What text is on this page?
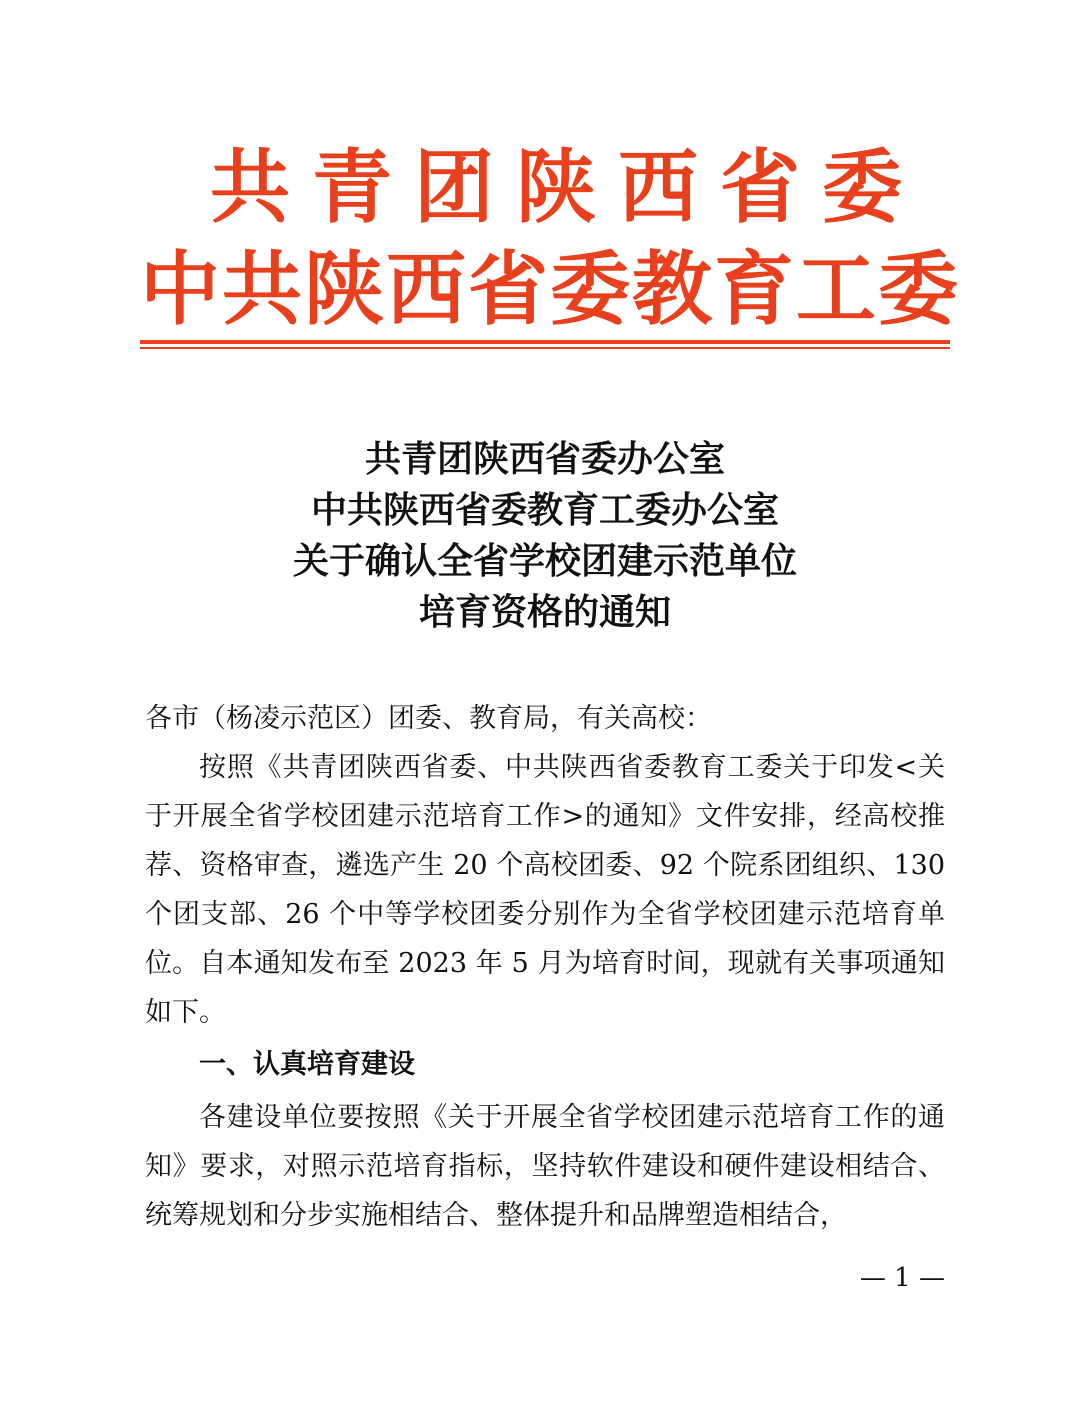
共青团陕西省委
中共陕西省委教育工委
共青团陕西省委办公室
中共陕西省委教育工委办公室
关于确认全省学校团建示范单位
培育资格的通知
各市（杨凌示范区）团委、教育局，有关高校：
按照《共青团陕西省委、中共陕西省委教育工委关于印发<关于开展全省学校团建示范培育工作>的通知》文件安排，经高校推荐、资格审查，遴选产生 20 个高校团委、92 个院系团组织、130 个团支部、26 个中等学校团委分别作为全省学校团建示范培育单位。自本通知发布至 2023 年 5 月为培育时间，现就有关事项通知如下。
一、认真培育建设
各建设单位要按照《关于开展全省学校团建示范培育工作的通知》要求，对照示范培育指标，坚持软件建设和硬件建设相结合、统筹规划和分步实施相结合、整体提升和品牌塑造相结合，
— 1 —
